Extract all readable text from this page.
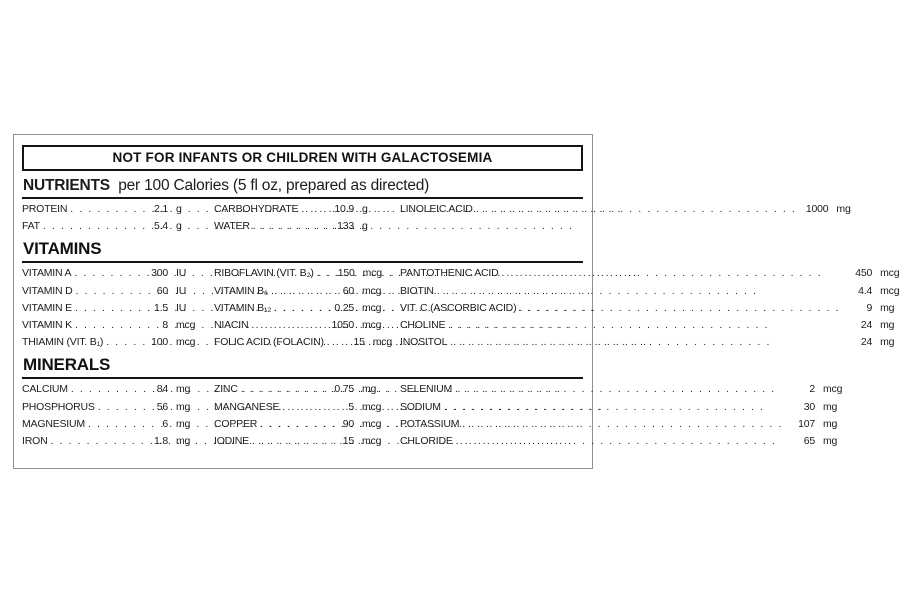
NOT FOR INFANTS OR CHILDREN WITH GALACTOSEMIA
NUTRIENTS per 100 Calories (5 fl oz, prepared as directed)
PROTEIN . . .	2.1 g
FAT . . .	5.4 g
CARBOHYDRATE . . .	10.9 g
WATER . . .	133 g
LINOLEIC ACID . . .	1000 mg
VITAMINS
VITAMIN A . . .	300 IU
VITAMIN D . . .	60 IU
VITAMIN E . . .	1.5 IU
VITAMIN K . . .	8 mcg
THIAMIN (VIT. B₁) . . .	100 mcg
RIBOFLAVIN (VIT. B₂) . . .	150 mcg
VITAMIN B₆ . . .	60 mcg
VITAMIN B₁₂ . . .	0.25 mcg
NIACIN . . .	1050 mcg
FOLIC ACID (FOLACIN) . . .	15 mcg
PANTOTHENIC ACID . . .	450 mcg
BIOTIN . . .	4.4 mcg
VIT. C (ASCORBIC ACID) . . .	9 mg
CHOLINE . . .	24 mg
INOSITOL . . .	24 mg
MINERALS
CALCIUM . . .	84 mg
PHOSPHORUS . . .	56 mg
MAGNESIUM . . .	6 mg
IRON . . .	1.8 mg
ZINC . . .	0.75 mg
MANGANESE . . .	5 mcg
COPPER . . .	90 mcg
IODINE . . .	15 mcg
SELENIUM . . .	2 mcg
SODIUM . . .	30 mg
POTASSIUM . . .	107 mg
CHLORIDE . . .	65 mg
